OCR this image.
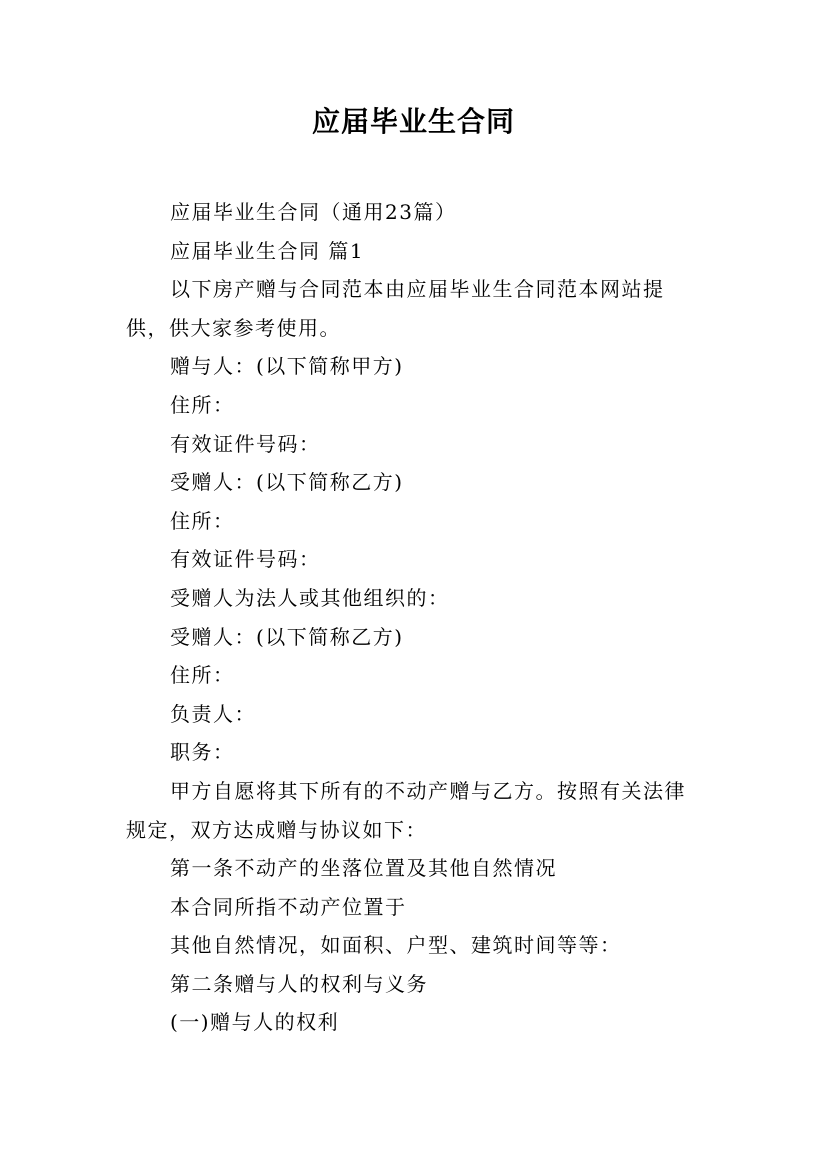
应届毕业生合同

应届毕业生合同（通用23篇）

应届毕业生合同 篇1

以下房产赠与合同范本由应届毕业生合同范本网站提供，供大家参考使用。

赠与人：(以下简称甲方)

住所：

有效证件号码：

受赠人：(以下简称乙方)

住所：

有效证件号码：

受赠人为法人或其他组织的：

受赠人：(以下简称乙方)

住所：

负责人：

职务：

甲方自愿将其下所有的不动产赠与乙方。按照有关法律规定，双方达成赠与协议如下：

第一条不动产的坐落位置及其他自然情况

本合同所指不动产位置于

其他自然情况，如面积、户型、建筑时间等等：

第二条赠与人的权利与义务

(一)赠与人的权利
